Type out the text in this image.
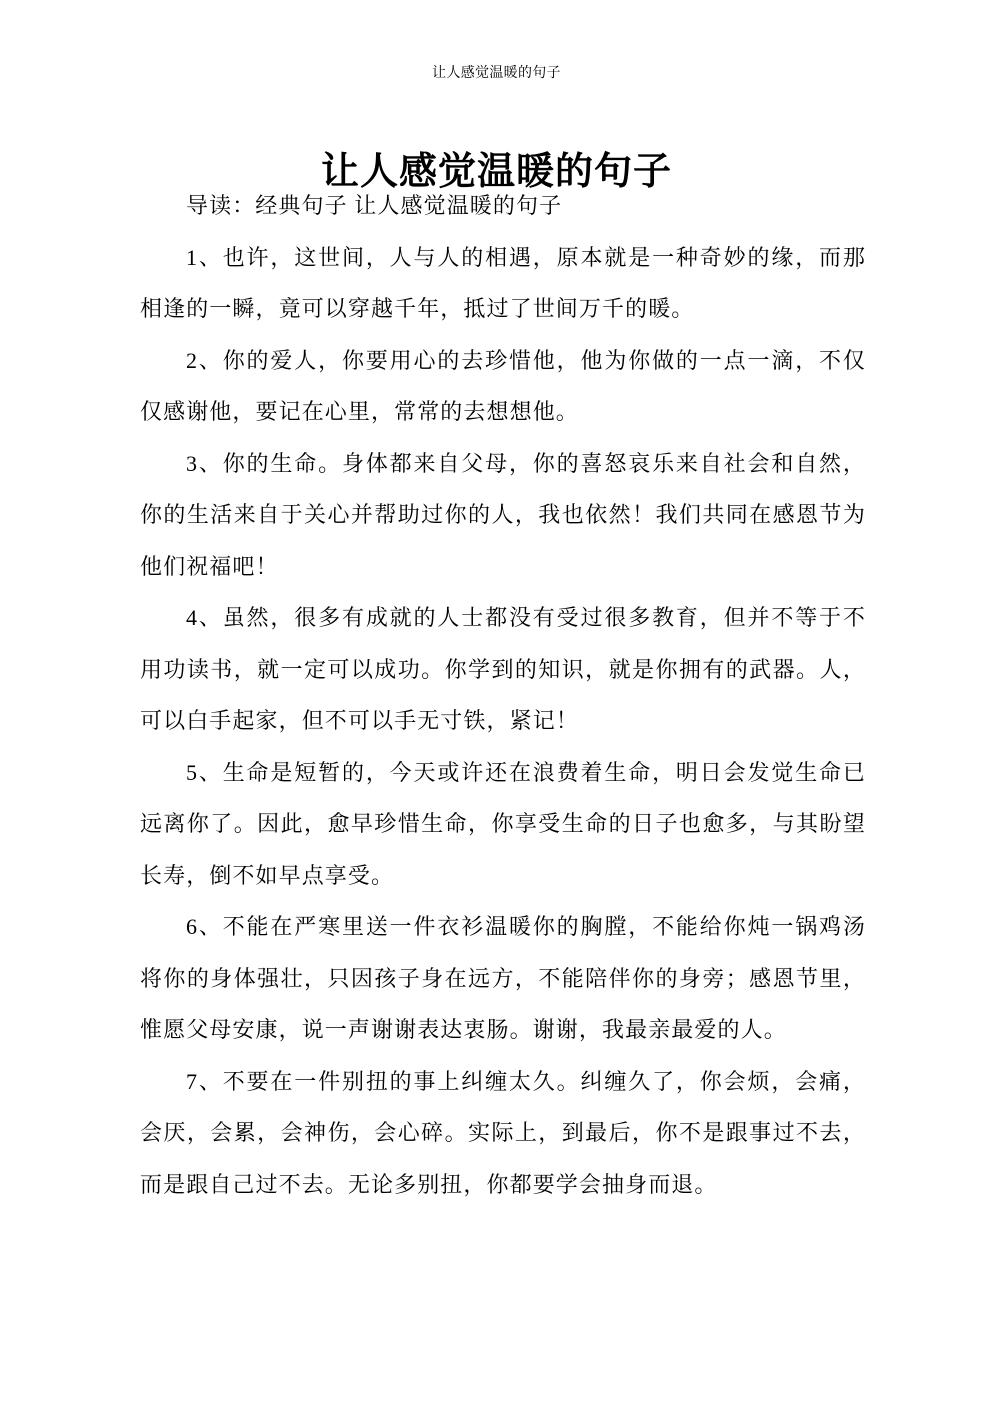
让人感觉温暖的句子
让人感觉温暖的句子

导读：经典句子 让人感觉温暖的句子

1、也许，这世间，人与人的相遇，原本就是一种奇妙的缘，而那相逢的一瞬，竟可以穿越千年，抵过了世间万千的暖。

2、你的爱人，你要用心的去珍惜他，他为你做的一点一滴，不仅仅感谢他，要记在心里，常常的去想想他。

3、你的生命。身体都来自父母，你的喜怒哀乐来自社会和自然，你的生活来自于关心并帮助过你的人，我也依然！我们共同在感恩节为他们祝福吧！

4、虽然，很多有成就的人士都没有受过很多教育，但并不等于不用功读书，就一定可以成功。你学到的知识，就是你拥有的武器。人，可以白手起家，但不可以手无寸铁，紧记！

5、生命是短暂的，今天或许还在浪费着生命，明日会发觉生命已远离你了。因此，愈早珍惜生命，你享受生命的日子也愈多，与其盼望长寿，倒不如早点享受。

6、不能在严寒里送一件衣衫温暖你的胸膛，不能给你炖一锅鸡汤将你的身体强壮，只因孩子身在远方，不能陪伴你的身旁；感恩节里，惟愿父母安康，说一声谢谢表达衷肠。谢谢，我最亲最爱的人。

7、不要在一件别扭的事上纠缠太久。纠缠久了，你会烦，会痛，会厌，会累，会神伤，会心碎。实际上，到最后，你不是跟事过不去，而是跟自己过不去。无论多别扭，你都要学会抽身而退。
